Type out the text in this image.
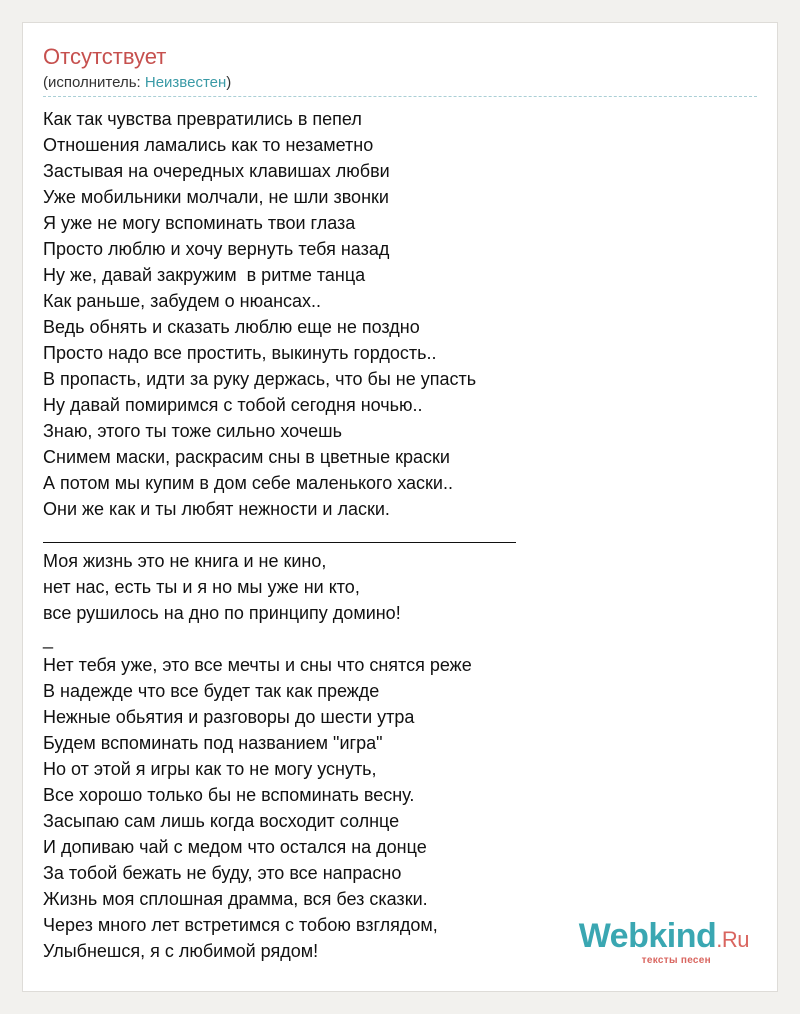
Отсутствует
(исполнитель: Неизвестен)
Как так чувства превратились в пепел
Отношения ламались как то незаметно
Застывая на очередных клавишах любви
Уже мобильники молчали, не шли звонки
Я уже не могу вспоминать твои глаза
Просто люблю и хочу вернуть тебя назад
Ну же, давай закружим  в ритме танца
Как раньше, забудем о нюансах..
Ведь обнять и сказать люблю еще не поздно
Просто надо все простить, выкинуть гордость..
В пропасть, идти за руку держась, что бы не упасть
Ну давай помиримся с тобой сегодня ночью..
Знаю, этого ты тоже сильно хочешь
Снимем маски, раскрасим сны в цветные краски
А потом мы купим в дом себе маленького хаски..
Они же как и ты любят нежности и ласки.
Моя жизнь это не книга и не кино,
нет нас, есть ты и я но мы уже ни кто,
все рушилось на дно по принципу домино!
_
Нет тебя уже, это все мечты и сны что снятся реже
В надежде что все будет так как прежде
Нежные обьятия и разговоры до шести утра
Будем вспоминать под названием "игра"
Но от этой я игры как то не могу уснуть,
Все хорошо только бы не вспоминать весну.
Засыпаю сам лишь когда восходит солнце
И допиваю чай с медом что остался на донце
За тобой бежать не буду, это все напрасно
Жизнь моя сплошная драмма, вся без сказки.
Через много лет встретимся с тобою взглядом,
Улыбнешся, я с любимой рядом!	Webkind.Ru
тексты песен
